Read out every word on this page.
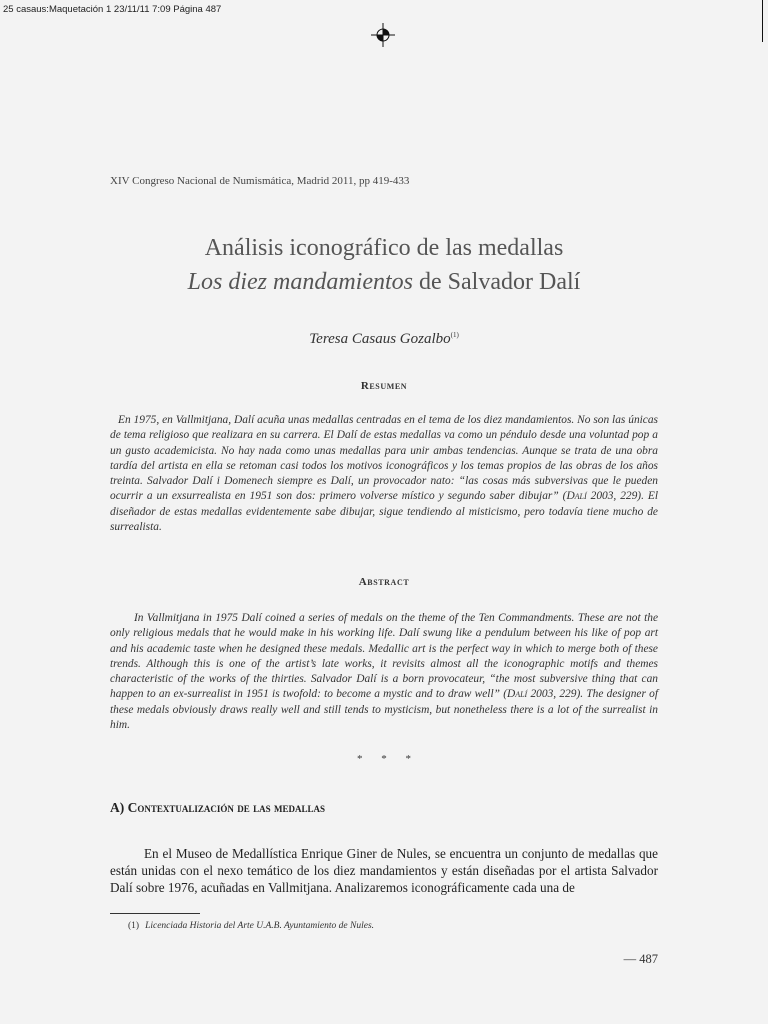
25 casaus:Maquetación 1 23/11/11 7:09 Página 487
XIV Congreso Nacional de Numismática, Madrid 2011, pp 419-433
Análisis iconográfico de las medallas
Los diez mandamientos de Salvador Dalí
Teresa Casaus Gozalbo$^{(1)}$
Resumen

En 1975, en Vallmitjana, Dalí acuña unas medallas centradas en el tema de los diez mandamientos. No son las únicas de tema religioso que realizara en su carrera. El Dalí de estas medallas va como un péndulo desde una voluntad pop a un gusto academicista. No hay nada como unas medallas para unir ambas tendencias. Aunque se trata de una obra tardía del artista en ella se retoman casi todos los motivos iconográficos y los temas propios de las obras de los años treinta. Salvador Dalí i Domenech siempre es Dalí, un provocador nato: “las cosas más subversivas que le pueden ocurrir a un exsurrealista en 1951 son dos: primero volverse místico y segundo saber dibujar” (Dalí 2003, 229). El diseñador de estas medallas evidentemente sabe dibujar, sigue tendiendo al misticismo, pero todavía tiene mucho de surrealista.

Abstract

In Vallmitjana in 1975 Dalí coined a series of medals on the theme of the Ten Commandments. These are not the only religious medals that he would make in his working life. Dalí swung like a pendulum between his like of pop art and his academic taste when he designed these medals. Medallic art is the perfect way in which to merge both of these trends. Although this is one of the artist’s late works, it revisits almost all the iconographic motifs and themes characteristic of the works of the thirties. Salvador Dalí is a born provocateur, “the most subversive thing that can happen to an ex-surrealist in 1951 is twofold: to become a mystic and to draw well” (Dalí 2003, 229). The designer of these medals obviously draws really well and still tends to mysticism, but nonetheless there is a lot of the surrealist in him.

* * *
A) Contextualización de las medallas

En el Museo de Medallística Enrique Giner de Nules, se encuentra un conjunto de medallas que están unidas con el nexo temático de los diez mandamientos y están diseñadas por el artista Salvador Dalí sobre 1976, acuñadas en Vallmitjana. Analizaremos iconográficamente cada una de

(1) Licenciada Historia del Arte U.A.B. Ayuntamiento de Nules.
— 487
